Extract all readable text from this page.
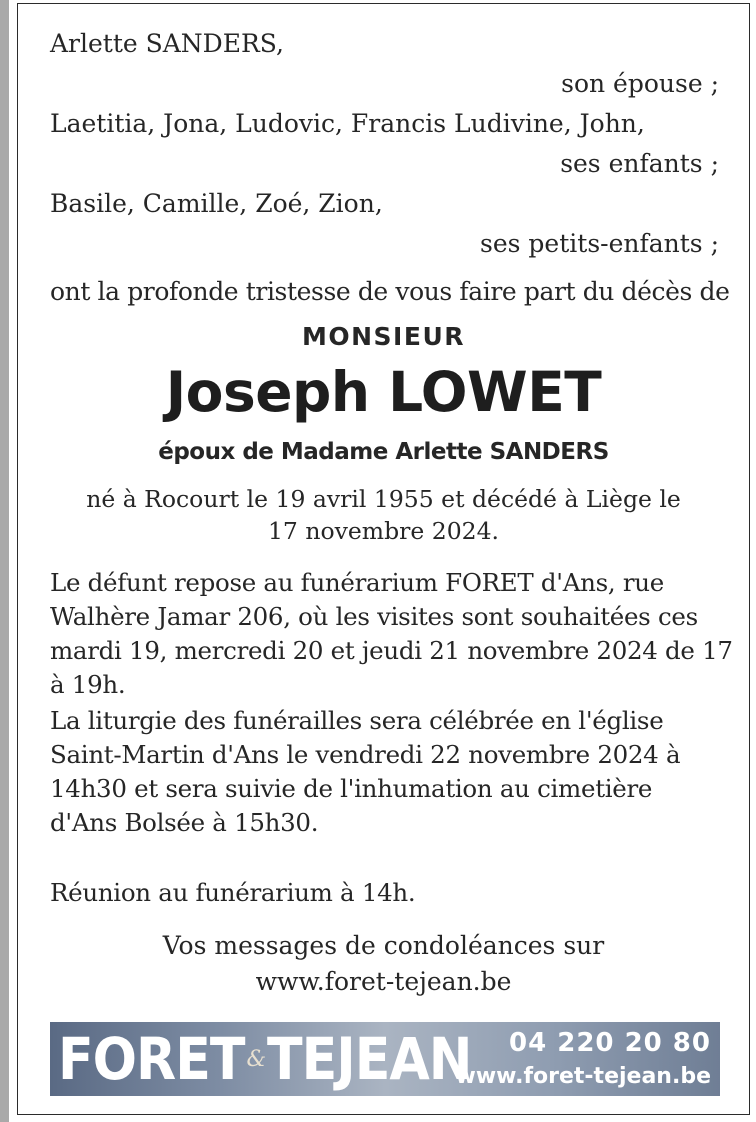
Arlette SANDERS,
son épouse ;
Laetitia, Jona, Ludovic, Francis Ludivine, John,
ses enfants ;
Basile, Camille, Zoé, Zion,
ses petits-enfants ;
ont la profonde tristesse de vous faire part du décès de
MONSIEUR
Joseph LOWET
époux de Madame Arlette SANDERS
né à Rocourt le 19 avril 1955 et décédé à Liège le
17 novembre 2024.
Le défunt repose au funérarium FORET d'Ans, rue
Walhère Jamar 206, où les visites sont souhaitées ces
mardi 19, mercredi 20 et jeudi 21 novembre 2024 de 17
à 19h.
La liturgie des funérailles sera célébrée en l'église
Saint-Martin d'Ans le vendredi 22 novembre 2024 à
14h30 et sera suivie de l'inhumation au cimetière
d'Ans Bolsée à 15h30.
Réunion au funérarium à 14h.
Vos messages de condoléances sur
www.foret-tejean.be
FORET & TEJEAN 04 220 20 80
www.foret-tejean.be
